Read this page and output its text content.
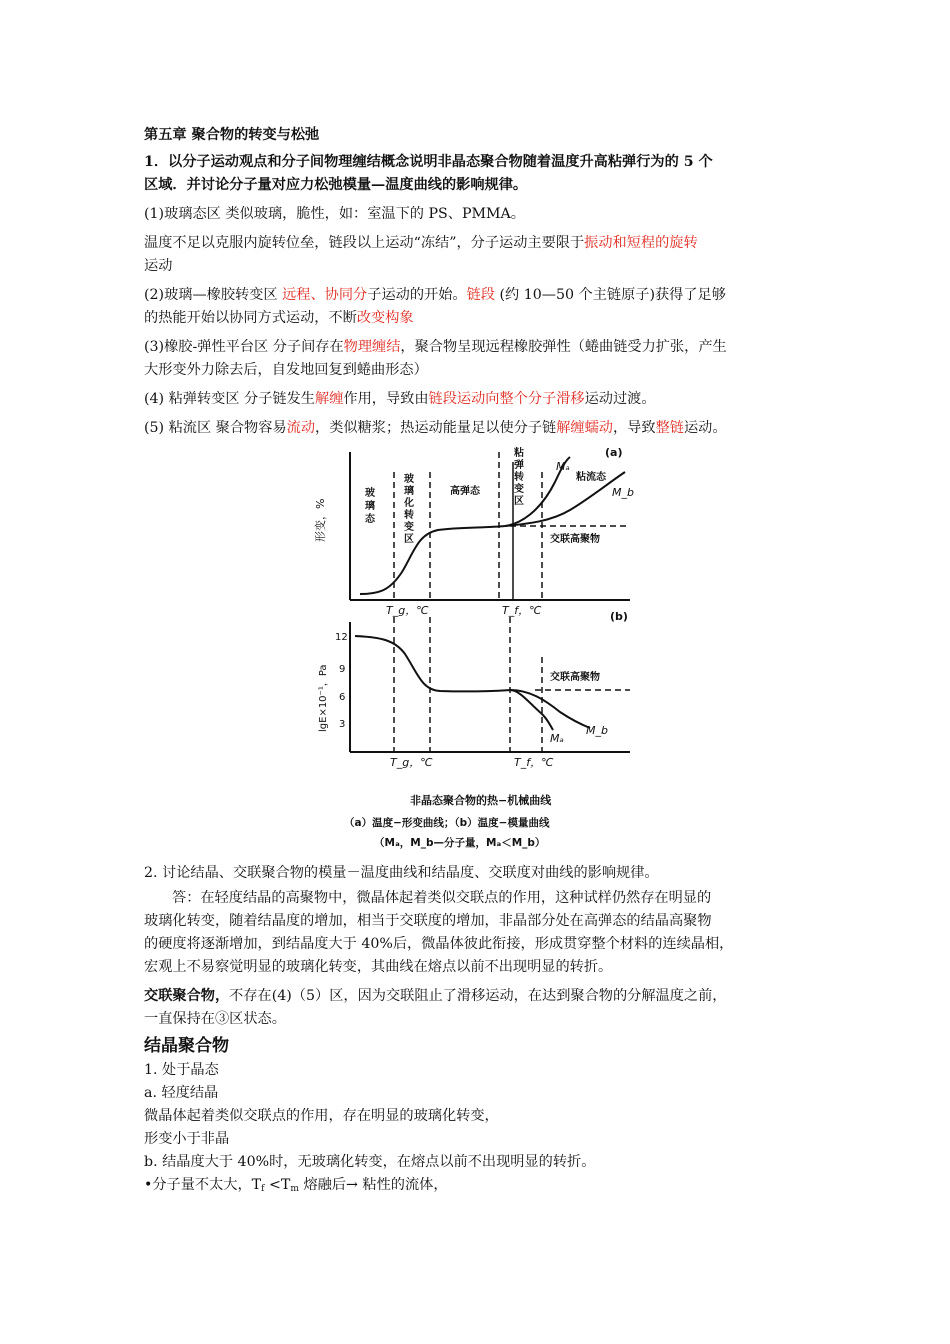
第五章 聚合物的转变与松弛
1．以分子运动观点和分子间物理缠结概念说明非晶态聚合物随着温度升高粘弹行为的 5 个
区域．并讨论分子量对应力松弛模量—温度曲线的影响规律。
(1)玻璃态区 类似玻璃，脆性，如：室温下的 PS、PMMA。
温度不足以克服内旋转位垒，链段以上运动“冻结”，分子运动主要限于振动和短程的旋转
运动
(2)玻璃—橡胶转变区 远程、协同分子运动的开始。链段 (约 10—50 个主链原子)获得了足够
的热能开始以协同方式运动，不断改变构象
(3)橡胶-弹性平台区 分子间存在物理缠结，聚合物呈现远程橡胶弹性（蜷曲链受力扩张，产生
大形变外力除去后，自发地回复到蜷曲形态）
(4) 粘弹转变区 分子链发生解缠作用，导致由链段运动向整个分子滑移运动过渡。
(5) 粘流区 聚合物容易流动，类似糖浆；热运动能量足以使分子链解缠蠕动，导致整链运动。
(a)
形变，%
玻
璃
态
玻
璃
化
转
变
区
高弹态
粘
弹
转
变
区
Mₐ
粘流态
M_b
交联高聚物
T_g，℃	T_f，℃	(b)
12
9
6
3
lgE×10⁻¹，Pa	交联高聚物
M_b
Mₐ
T_g，℃	T_f，℃
非晶态聚合物的热−机械曲线
（a）温度−形变曲线；（b）温度−模量曲线
（Mₐ，M_b—分子量，Mₐ＜M_b）
2. 讨论结晶、交联聚合物的模量－温度曲线和结晶度、交联度对曲线的影响规律。
答：在轻度结晶的高聚物中，微晶体起着类似交联点的作用，这种试样仍然存在明显的
玻璃化转变，随着结晶度的增加，相当于交联度的增加，非晶部分处在高弹态的结晶高聚物
的硬度将逐渐增加，到结晶度大于 40%后，微晶体彼此衔接，形成贯穿整个材料的连续晶相，
宏观上不易察觉明显的玻璃化转变，其曲线在熔点以前不出现明显的转折。
交联聚合物，不存在(4)（5）区，因为交联阻止了滑移运动，在达到聚合物的分解温度之前，
一直保持在③区状态。
结晶聚合物
1. 处于晶态
a. 轻度结晶
微晶体起着类似交联点的作用，存在明显的玻璃化转变，
形变小于非晶
b. 结晶度大于 40%时，无玻璃化转变，在熔点以前不出现明显的转折。
•分子量不太大，$T_f <T_m$ 熔融后→ 粘性的流体，
